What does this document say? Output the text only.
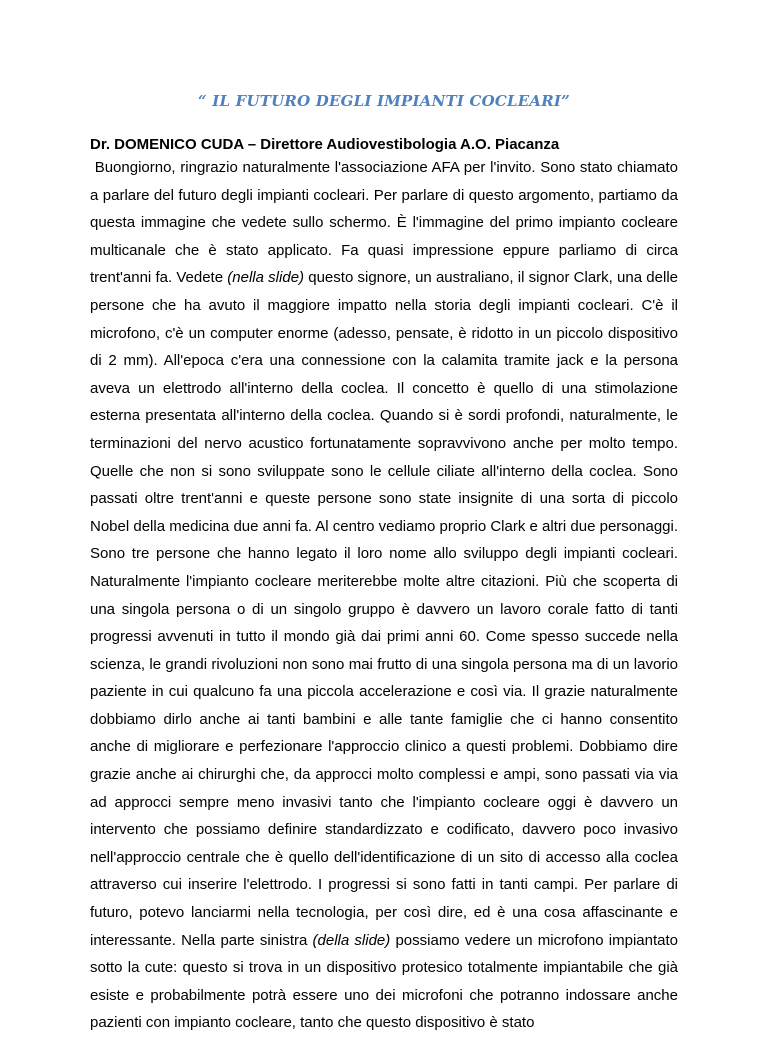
“ IL FUTURO DEGLI IMPIANTI COCLEARI”
Dr. DOMENICO CUDA – Direttore Audiovestibologia A.O. Piacanza

Buongiorno, ringrazio naturalmente l'associazione AFA per l'invito. Sono stato chiamato a parlare del futuro degli impianti cocleari. Per parlare di questo argomento, partiamo da questa immagine che vedete sullo schermo. È l'immagine del primo impianto cocleare multicanale che è stato applicato. Fa quasi impressione eppure parliamo di circa trent'anni fa. Vedete (nella slide) questo signore, un australiano, il signor Clark, una delle persone che ha avuto il maggiore impatto nella storia degli impianti cocleari. C'è il microfono, c'è un computer enorme (adesso, pensate, è ridotto in un piccolo dispositivo di 2 mm). All'epoca c'era una connessione con la calamita tramite jack e la persona aveva un elettrodo all'interno della coclea. Il concetto è quello di una stimolazione esterna presentata all'interno della coclea. Quando si è sordi profondi, naturalmente, le terminazioni del nervo acustico fortunatamente sopravvivono anche per molto tempo. Quelle che non si sono sviluppate sono le cellule ciliate all'interno della coclea. Sono passati oltre trent'anni e queste persone sono state insignite di una sorta di piccolo Nobel della medicina due anni fa. Al centro vediamo proprio Clark e altri due personaggi. Sono tre persone che hanno legato il loro nome allo sviluppo degli impianti cocleari. Naturalmente l'impianto cocleare meriterebbe molte altre citazioni. Più che scoperta di una singola persona o di un singolo gruppo è davvero un lavoro corale fatto di tanti progressi avvenuti in tutto il mondo già dai primi anni 60. Come spesso succede nella scienza, le grandi rivoluzioni non sono mai frutto di una singola persona ma di un lavorio paziente in cui qualcuno fa una piccola accelerazione e così via. Il grazie naturalmente dobbiamo dirlo anche ai tanti bambini e alle tante famiglie che ci hanno consentito anche di migliorare e perfezionare l'approccio clinico a questi problemi. Dobbiamo dire grazie anche ai chirurghi che, da approcci molto complessi e ampi, sono passati via via ad approcci sempre meno invasivi tanto che l'impianto cocleare oggi è davvero un intervento che possiamo definire standardizzato e codificato, davvero poco invasivo nell'approccio centrale che è quello dell'identificazione di un sito di accesso alla coclea attraverso cui inserire l'elettrodo. I progressi si sono fatti in tanti campi. Per parlare di futuro, potevo lanciarmi nella tecnologia, per così dire, ed è una cosa affascinante e interessante. Nella parte sinistra (della slide) possiamo vedere un microfono impiantato sotto la cute: questo si trova in un dispositivo protesico totalmente impiantabile che già esiste e probabilmente potrà essere uno dei microfoni che potranno indossare anche pazienti con impianto cocleare, tanto che questo dispositivo è stato
